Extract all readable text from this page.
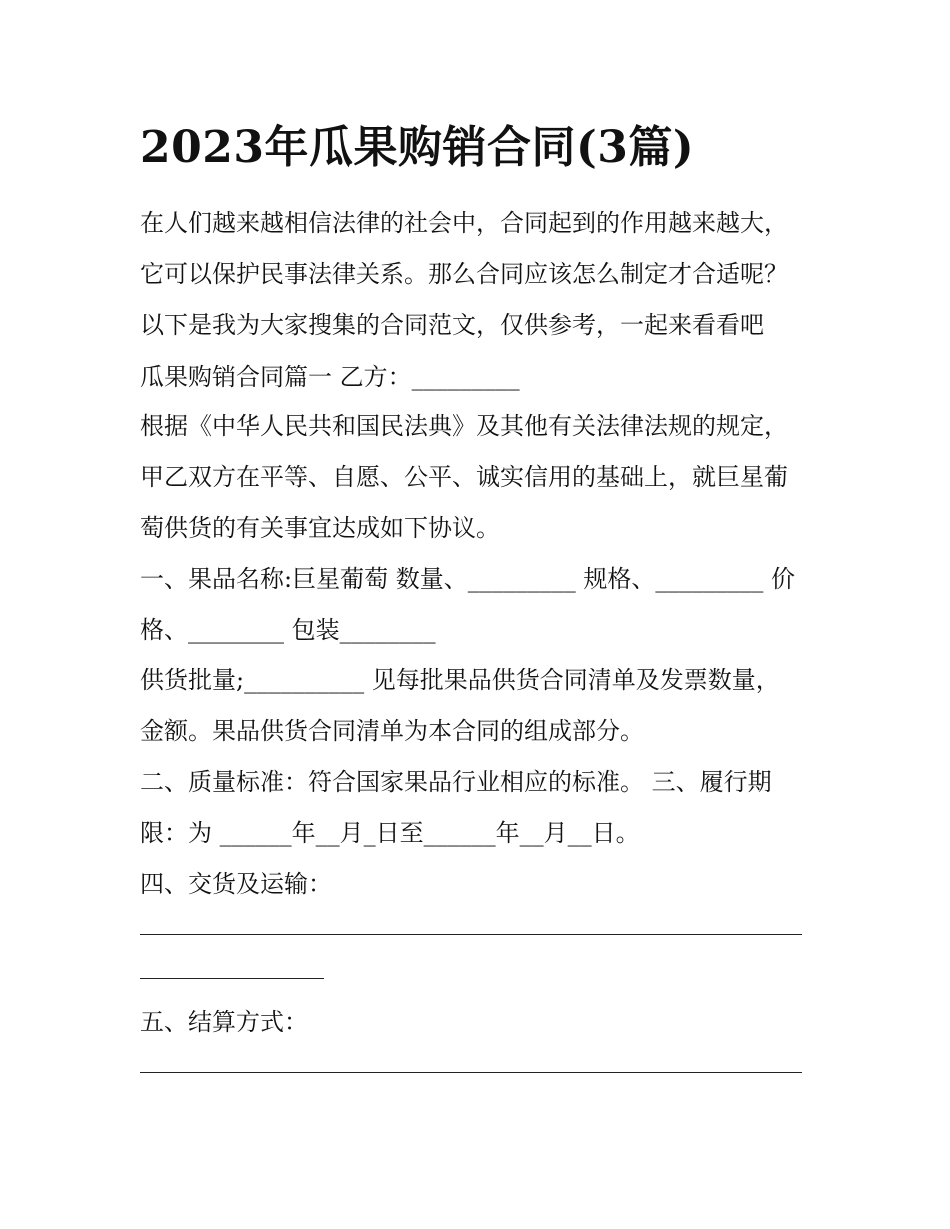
2023年瓜果购销合同(3篇)

在人们越来越相信法律的社会中，合同起到的作用越来越大，

它可以保护民事法律关系。那么合同应该怎么制定才合适呢？

以下是我为大家搜集的合同范文，仅供参考，一起来看看吧

瓜果购销合同篇一 乙方：_________

根据《中华人民共和国民法典》及其他有关法律法规的规定，

甲乙双方在平等、自愿、公平、诚实信用的基础上，就巨星葡

萄供货的有关事宜达成如下协议。

一、果品名称:巨星葡萄 数量、_________ 规格、_________ 价

格、________ 包装________

供货批量;__________ 见每批果品供货合同清单及发票数量，

金额。果品供货合同清单为本合同的组成部分。

二、质量标准：符合国家果品行业相应的标准。 三、履行期

限：为 ______年__月_日至______年__月__日。

四、交货及运输：

五、结算方式：
